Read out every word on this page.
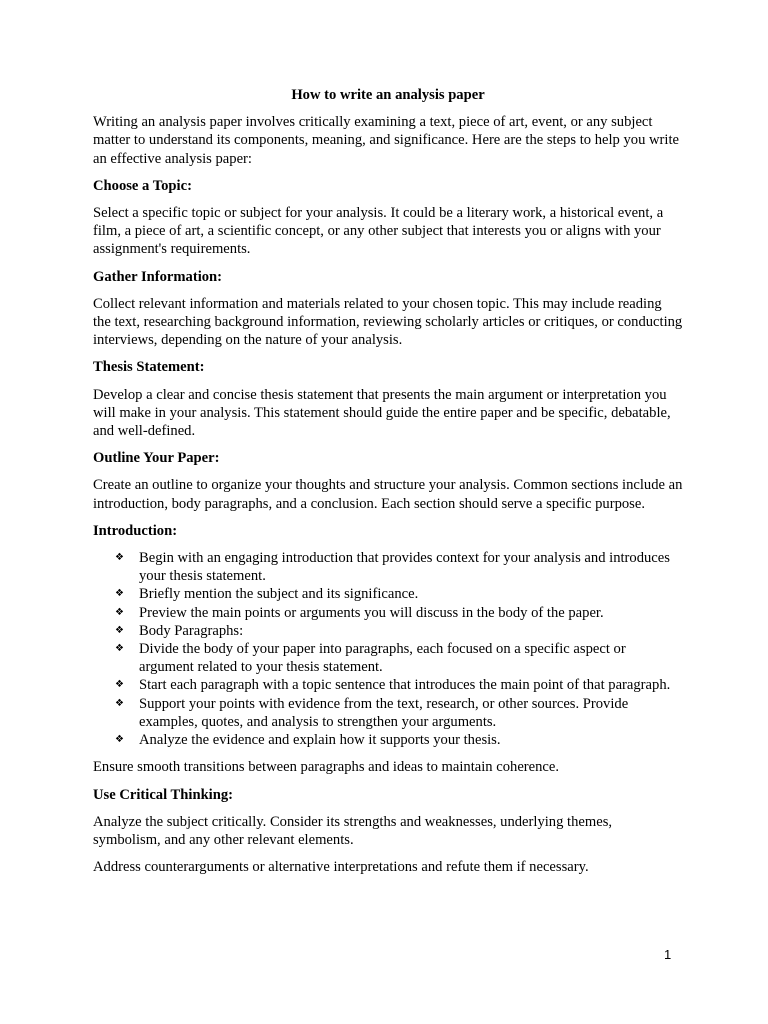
How to write an analysis paper
Writing an analysis paper involves critically examining a text, piece of art, event, or any subject matter to understand its components, meaning, and significance. Here are the steps to help you write an effective analysis paper:
Choose a Topic:
Select a specific topic or subject for your analysis. It could be a literary work, a historical event, a film, a piece of art, a scientific concept, or any other subject that interests you or aligns with your assignment's requirements.
Gather Information:
Collect relevant information and materials related to your chosen topic. This may include reading the text, researching background information, reviewing scholarly articles or critiques, or conducting interviews, depending on the nature of your analysis.
Thesis Statement:
Develop a clear and concise thesis statement that presents the main argument or interpretation you will make in your analysis. This statement should guide the entire paper and be specific, debatable, and well-defined.
Outline Your Paper:
Create an outline to organize your thoughts and structure your analysis. Common sections include an introduction, body paragraphs, and a conclusion. Each section should serve a specific purpose.
Introduction:
❖ Begin with an engaging introduction that provides context for your analysis and introduces your thesis statement.
❖ Briefly mention the subject and its significance.
❖ Preview the main points or arguments you will discuss in the body of the paper.
❖ Body Paragraphs:
❖ Divide the body of your paper into paragraphs, each focused on a specific aspect or argument related to your thesis statement.
❖ Start each paragraph with a topic sentence that introduces the main point of that paragraph.
❖ Support your points with evidence from the text, research, or other sources. Provide examples, quotes, and analysis to strengthen your arguments.
❖ Analyze the evidence and explain how it supports your thesis.
Ensure smooth transitions between paragraphs and ideas to maintain coherence.
Use Critical Thinking:
Analyze the subject critically. Consider its strengths and weaknesses, underlying themes, symbolism, and any other relevant elements.
Address counterarguments or alternative interpretations and refute them if necessary.
1
